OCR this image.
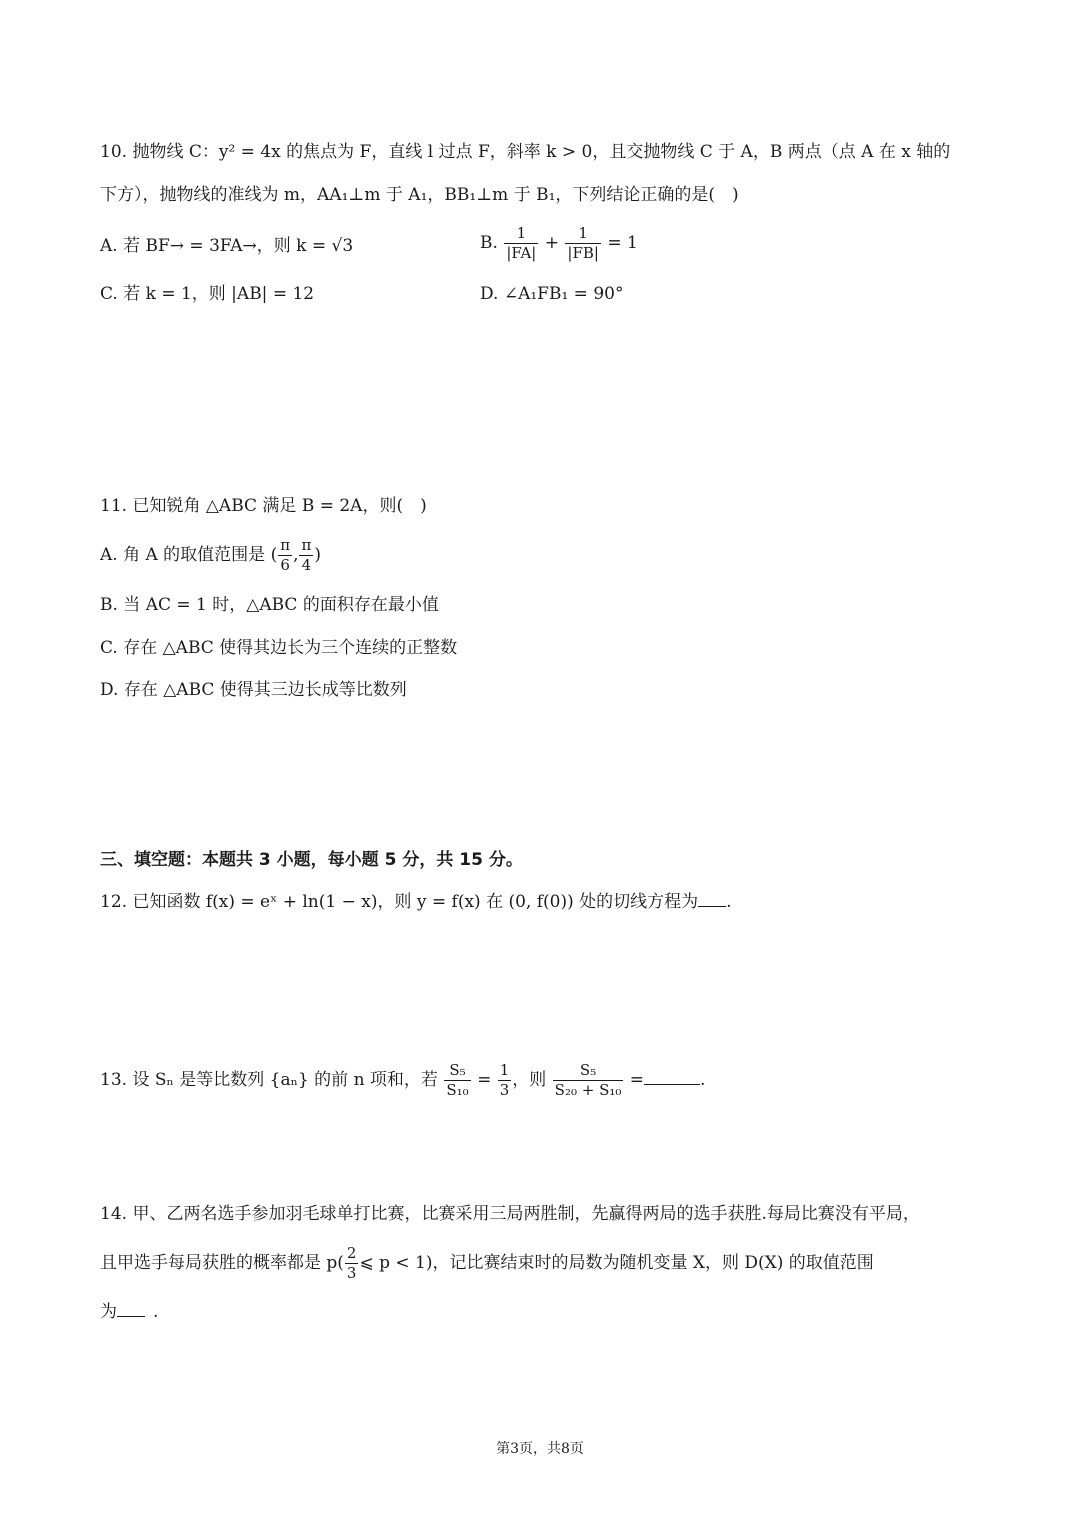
10. 抛物线 C：y² = 4x 的焦点为 F，直线 l 过点 F，斜率 k > 0，且交抛物线 C 于 A，B 两点（点 A 在 x 轴的
下方），抛物线的准线为 m，AA₁⊥m 于 A₁，BB₁⊥m 于 B₁，下列结论正确的是(　)
A. 若 BF→ = 3FA→，则 k = √3	B. $\frac{1}{|FA|} + \frac{1}{|FB|} = 1$
C. 若 k = 1，则 |AB| = 12	D. ∠A₁FB₁ = 90°
11. 已知锐角 △ABC 满足 B = 2A，则(　)
A. 角 A 的取值范围是 ( $\frac{\pi}{6}$ , $\frac{\pi}{4}$ )
B. 当 AC = 1 时，△ABC 的面积存在最小值
C. 存在 △ABC 使得其边长为三个连续的正整数
D. 存在 △ABC 使得其三边长成等比数列
三、填空题：本题共 3 小题，每小题 5 分，共 15 分。
12. 已知函数 f(x) = eˣ + ln(1 − x)，则 y = f(x) 在 (0, f(0)) 处的切线方程为 .
13. 设 Sₙ 是等比数列 {aₙ} 的前 n 项和，若 $\frac{\text{S₅}}{\text{S₁₀}} = \frac{1}{3}$ ，则 $\frac{\text{S₅}}{\text{S₂₀ + S₁₀}}$ =	.
14. 甲、乙两名选手参加羽毛球单打比赛，比赛采用三局两胜制，先赢得两局的选手获胜.每局比赛没有平局，
且甲选手每局获胜的概率都是 $p( \frac{2}{3}$ ⩽ p < 1)，记比赛结束时的局数为随机变量 X，则 D(X) 的取值范围
为 .
第3页，共8页
